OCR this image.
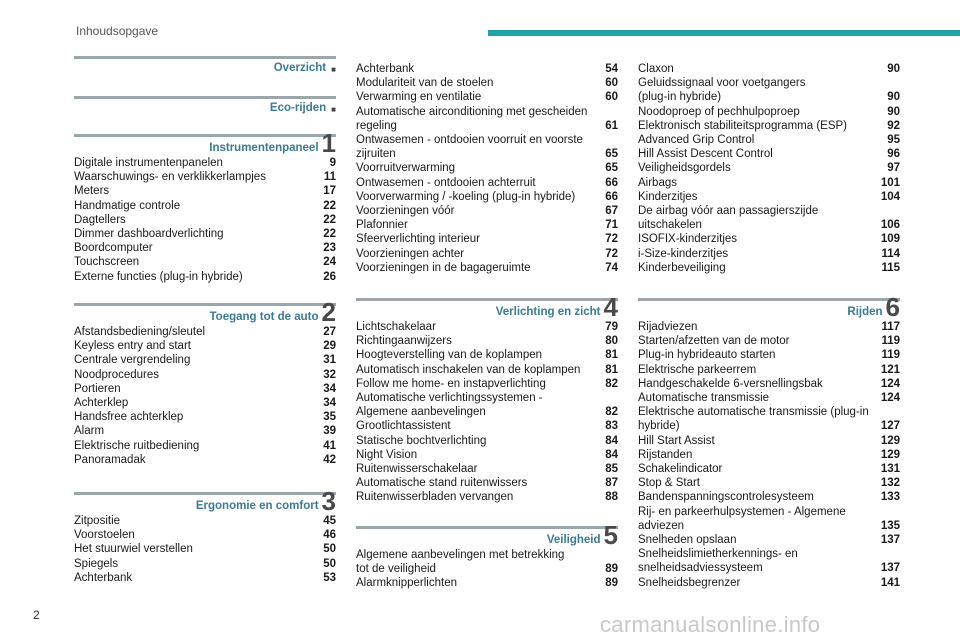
Inhoudsopgave
Overzicht ■
Eco-rijden ■
Instrumentenpaneel 1
Digitale instrumentenpanelen	9
Waarschuwings- en verklikkerlampjes	11
Meters	17
Handmatige controle	22
Dagtellers	22
Dimmer dashboardverlichting	22
Boordcomputer	23
Touchscreen	24
Externe functies (plug-in hybride)	26
Toegang tot de auto 2
Afstandsbediening/sleutel	27
Keyless entry and start	29
Centrale vergrendeling	31
Noodprocedures	32
Portieren	34
Achterklep	34
Handsfree achterklep	35
Alarm	39
Elektrische ruitbediening	41
Panoramadak	42
Ergonomie en comfort 3
Zitpositie	45
Voorstoelen	46
Het stuurwiel verstellen	50
Spiegels	50
Achterbank	53
Achterbank	54
Modulariteit van de stoelen	60
Verwarming en ventilatie	60
Automatische airconditioning met gescheiden
regeling	61
Ontwasemen - ontdooien voorruit en voorste
zijruiten	65
Voorruitverwarming	65
Ontwasemen - ontdooien achterruit	66
Voorverwarming / -koeling (plug-in hybride)	66
Voorzieningen vóór	67
Plafonnier	71
Sfeerverlichting interieur	72
Voorzieningen achter	72
Voorzieningen in de bagageruimte	74
Verlichting en zicht 4
Lichtschakelaar	79
Richtingaanwijzers	80
Hoogteverstelling van de koplampen	81
Automatisch inschakelen van de koplampen 81
Follow me home- en instapverlichting	82
Automatische verlichtingssystemen -
Algemene aanbevelingen	82
Grootlichtassistent	83
Statische bochtverlichting	84
Night Vision	84
Ruitenwisserschakelaar	85
Automatische stand ruitenwissers	87
Ruitenwisserbladen vervangen	88
Veiligheid 5
Algemene aanbevelingen met betrekking
tot de veiligheid	89
Alarmknipperlichten	89
Claxon	90
Geluidssignaal voor voetgangers
(plug-in hybride)	90
Noodoproep of pechhulpoproep	90
Elektronisch stabiliteitsprogramma (ESP)	92
Advanced Grip Control	95
Hill Assist Descent Control	96
Veiligheidsgordels	97
Airbags	101
Kinderzitjes	104
De airbag vóór aan passagierszijde
uitschakelen	106
ISOFIX-kinderzitjes	109
i-Size-kinderzitjes	114
Kinderbeveiliging	115
Rijden 6
Rijadviezen	117
Starten/afzetten van de motor	119
Plug-in hybrideauto starten	119
Elektrische parkeerrem	121
Handgeschakelde 6-versnellingsbak	124
Automatische transmissie	124
Elektrische automatische transmissie (plug-in
hybride)	127
Hill Start Assist	129
Rijstanden	129
Schakelindicator	131
Stop & Start	132
Bandenspanningscontrolesysteem	133
Rij- en parkeerhulpsystemen - Algemene
adviezen	135
Snelheden opslaan	137
Snelheidslimietherkennings- en
snelheidsadviessysteem	137
Snelheidsbegrenzer	141
2	carmanualsonline.info
